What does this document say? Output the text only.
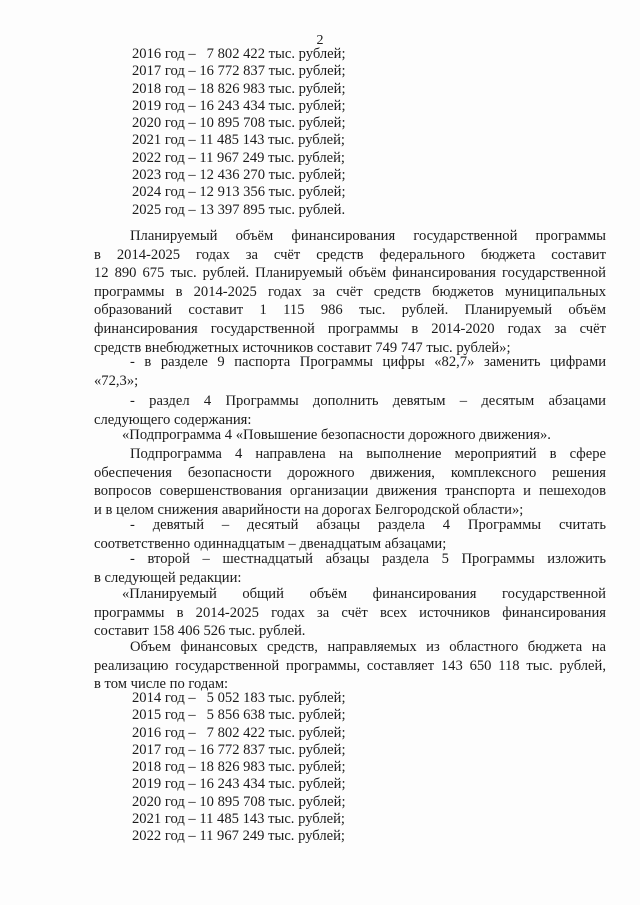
2
2016 год –   7 802 422 тыс. рублей;
2017 год – 16 772 837 тыс. рублей;
2018 год – 18 826 983 тыс. рублей;
2019 год – 16 243 434 тыс. рублей;
2020 год – 10 895 708 тыс. рублей;
2021 год – 11 485 143 тыс. рублей;
2022 год – 11 967 249 тыс. рублей;
2023 год – 12 436 270 тыс. рублей;
2024 год – 12 913 356 тыс. рублей;
2025 год – 13 397 895 тыс. рублей.

Планируемый объём финансирования государственной программы

в 2014-2025 годах за счёт средств федерального бюджета составит

12 890 675 тыс. рублей. Планируемый объём финансирования государственной

программы в 2014-2025 годах за счёт средств бюджетов муниципальных

образований составит 1 115 986 тыс. рублей. Планируемый объём

финансирования государственной программы в 2014-2020 годах за счёт

средств внебюджетных источников составит 749 747 тыс. рублей»;

- в разделе 9 паспорта Программы цифры «82,7» заменить цифрами

«72,3»;

- раздел 4 Программы дополнить девятым – десятым абзацами

следующего содержания:

«Подпрограмма 4 «Повышение безопасности дорожного движения».

Подпрограмма 4 направлена на выполнение мероприятий в сфере

обеспечения безопасности дорожного движения, комплексного решения

вопросов совершенствования организации движения транспорта и пешеходов

и в целом снижения аварийности на дорогах Белгородской области»;

- девятый – десятый абзацы раздела 4 Программы считать

соответственно одиннадцатым – двенадцатым абзацами;

- второй – шестнадцатый абзацы раздела 5 Программы изложить

в следующей редакции:

«Планируемый общий объём финансирования государственной

программы в 2014-2025 годах за счёт всех источников финансирования

составит 158 406 526 тыс. рублей.

Объем финансовых средств, направляемых из областного бюджета на

реализацию государственной программы, составляет 143 650 118 тыс. рублей,

в том числе по годам:

2014 год –   5 052 183 тыс. рублей;
2015 год –   5 856 638 тыс. рублей;
2016 год –   7 802 422 тыс. рублей;
2017 год – 16 772 837 тыс. рублей;
2018 год – 18 826 983 тыс. рублей;
2019 год – 16 243 434 тыс. рублей;
2020 год – 10 895 708 тыс. рублей;
2021 год – 11 485 143 тыс. рублей;
2022 год – 11 967 249 тыс. рублей;
